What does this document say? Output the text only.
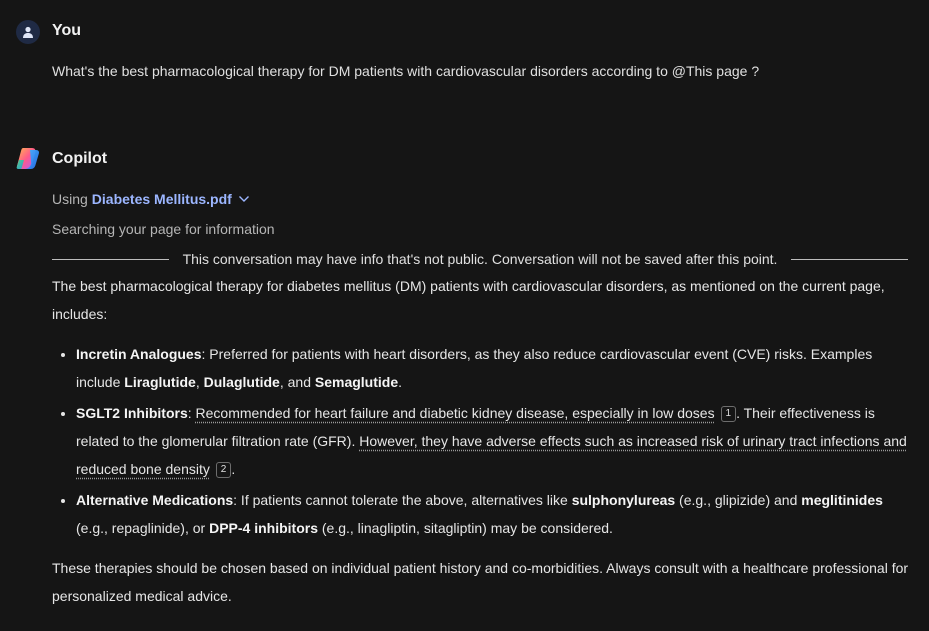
You
What's the best pharmacological therapy for DM patients with cardiovascular disorders according to @This page ?
Copilot
Using Diabetes Mellitus.pdf
Searching your page for information
This conversation may have info that's not public. Conversation will not be saved after this point.

The best pharmacological therapy for diabetes mellitus (DM) patients with cardiovascular disorders, as mentioned on the current page, includes:

• Incretin Analogues: Preferred for patients with heart disorders, as they also reduce cardiovascular event (CVE) risks. Examples include Liraglutide, Dulaglutide, and Semaglutide.
• SGLT2 Inhibitors: Recommended for heart failure and diabetic kidney disease, especially in low doses 1 . Their effectiveness is related to the glomerular filtration rate (GFR). However, they have adverse effects such as increased risk of urinary tract infections and reduced bone density 2 .
• Alternative Medications: If patients cannot tolerate the above, alternatives like sulphonylureas (e.g., glipizide) and meglitinides (e.g., repaglinide), or DPP-4 inhibitors (e.g., linagliptin, sitagliptin) may be considered.

These therapies should be chosen based on individual patient history and co-morbidities. Always consult with a healthcare professional for personalized medical advice.
